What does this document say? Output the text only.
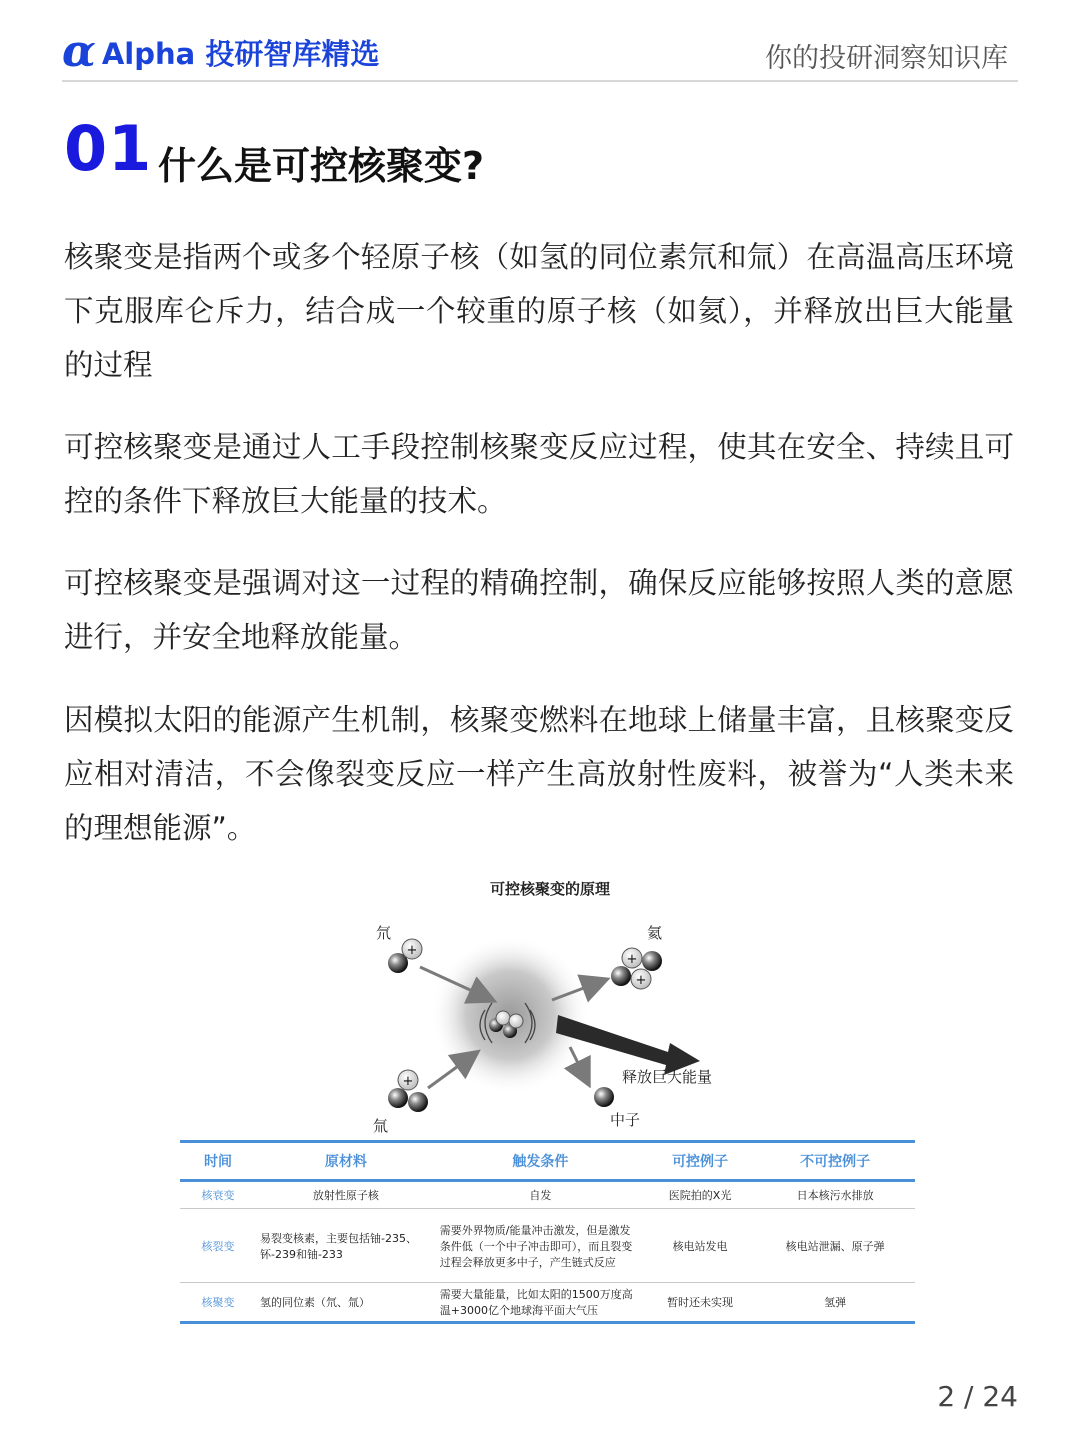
α Alpha 投研智库精选	你的投研洞察知识库
01 什么是可控核聚变?
核聚变是指两个或多个轻原子核（如氢的同位素氘和氚）在高温高压环境下克服库仑斥力，结合成一个较重的原子核（如氦），并释放出巨大能量的过程
可控核聚变是通过人工手段控制核聚变反应过程，使其在安全、持续且可控的条件下释放巨大能量的技术。
可控核聚变是强调对这一过程的精确控制，确保反应能够按照人类的意愿进行，并安全地释放能量。
因模拟太阳的能源产生机制，核聚变燃料在地球上储量丰富，且核聚变反应相对清洁，不会像裂变反应一样产生高放射性废料，被誉为“人类未来的理想能源”。
可控核聚变的原理
+
+
+
+
氘
氚
氦
释放巨大能量
中子
时间	原材料	触发条件	可控例子	不可控例子
核衰变	放射性原子核	自发	医院拍的X光	日本核污水排放
核裂变	易裂变核素，主要包括铀-235、钚-239和铀-233	需要外界物质/能量冲击激发，但是激发条件低（一个中子冲击即可），而且裂变过程会释放更多中子，产生链式反应	核电站发电	核电站泄漏、原子弹
核聚变	氢的同位素（氘、氚）	需要大量能量，比如太阳的1500万度高温+3000亿个地球海平面大气压	暂时还未实现	氢弹
2 / 24
